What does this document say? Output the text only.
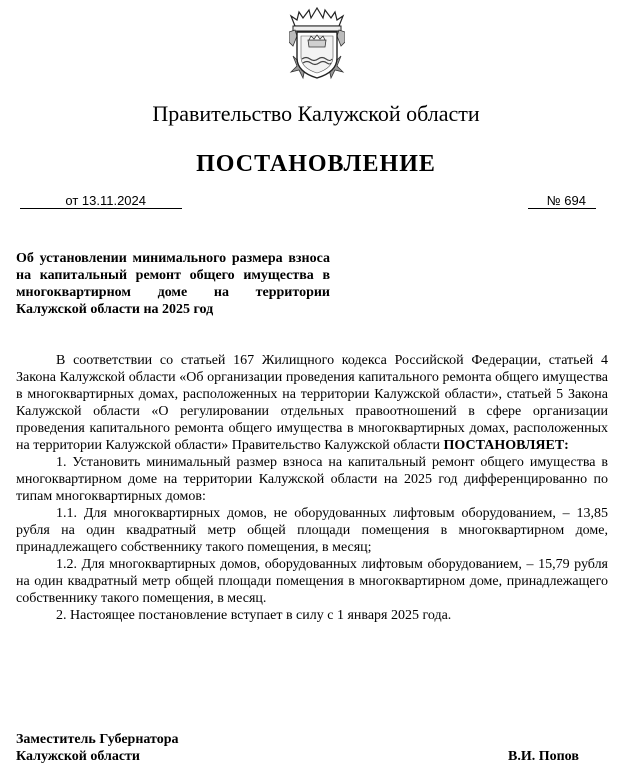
Правительство Калужской области
ПОСТАНОВЛЕНИЕ
от 13.11.2024	№ 694
Об установлении минимального размера взноса на капитальный ремонт общего имущества в многоквартирном доме на территории Калужской области на 2025 год

В соответствии со статьей 167 Жилищного кодекса Российской Федерации, статьей 4 Закона Калужской области «Об организации проведения капитального ремонта общего имущества в многоквартирных домах, расположенных на территории Калужской области», статьей 5 Закона Калужской области «О регулировании отдельных правоотношений в сфере организации проведения капитального ремонта общего имущества в многоквартирных домах, расположенных на территории Калужской области» Правительство Калужской области ПОСТАНОВЛЯЕТ:

1. Установить минимальный размер взноса на капитальный ремонт общего имущества в многоквартирном доме на территории Калужской области на 2025 год дифференцированно по типам многоквартирных домов:

1.1. Для многоквартирных домов, не оборудованных лифтовым оборудованием, – 13,85 рубля на один квадратный метр общей площади помещения в многоквартирном доме, принадлежащего собственнику такого помещения, в месяц;

1.2. Для многоквартирных домов, оборудованных лифтовым оборудованием, – 15,79 рубля на один квадратный метр общей площади помещения в многоквартирном доме, принадлежащего собственнику такого помещения, в месяц.

2. Настоящее постановление вступает в силу с 1 января 2025 года.

Заместитель Губернатора
Калужской области	В.И. Попов
